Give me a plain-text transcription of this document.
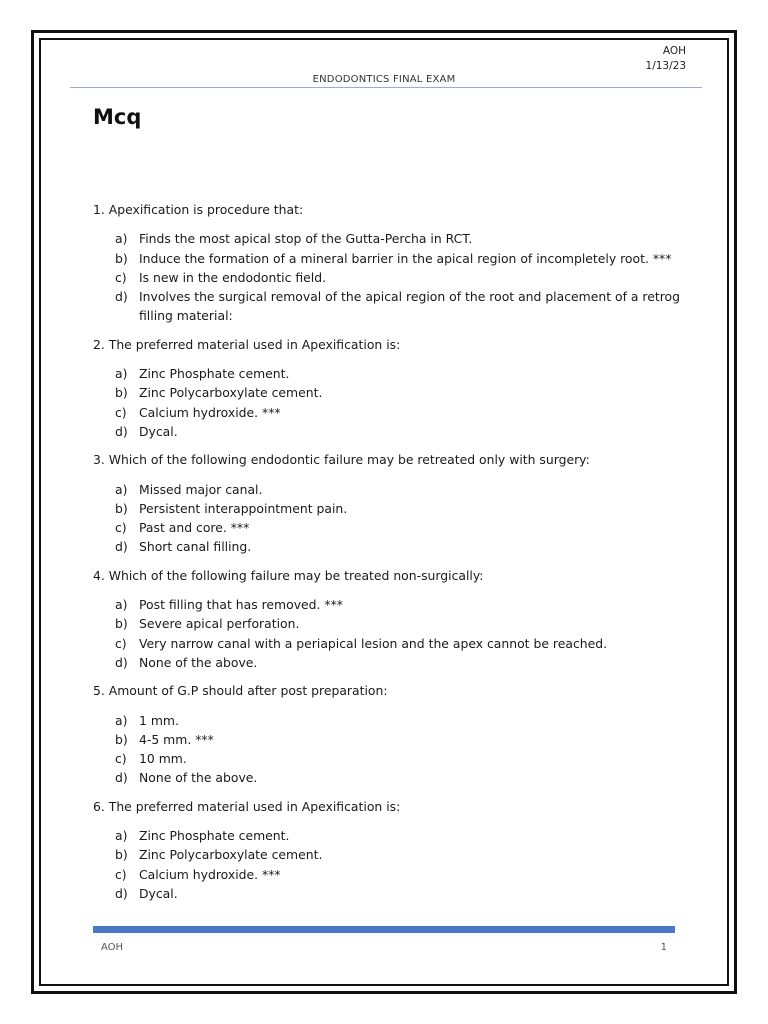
AOH
1/13/23
ENDODONTICS FINAL EXAM
Mcq

1. Apexification is procedure that:

a) Finds the most apical stop of the Gutta-Percha in RCT.
b) Induce the formation of a mineral barrier in the apical region of incompletely root. ***
c) Is new in the endodontic field.
d) Involves the surgical removal of the apical region of the root and placement of a retrog filling material:

2. The preferred material used in Apexification is:

a) Zinc Phosphate cement.
b) Zinc Polycarboxylate cement.
c) Calcium hydroxide. ***
d) Dycal.

3. Which of the following endodontic failure may be retreated only with surgery:

a) Missed major canal.
b) Persistent interappointment pain.
c) Past and core. ***
d) Short canal filling.

4. Which of the following failure may be treated non-surgically:

a) Post filling that has removed. ***
b) Severe apical perforation.
c) Very narrow canal with a periapical lesion and the apex cannot be reached.
d) None of the above.

5. Amount of G.P should after post preparation:

a) 1 mm.
b) 4-5 mm. ***
c) 10 mm.
d) None of the above.

6. The preferred material used in Apexification is:

a) Zinc Phosphate cement.
b) Zinc Polycarboxylate cement.
c) Calcium hydroxide. ***
d) Dycal.
AOH	1
